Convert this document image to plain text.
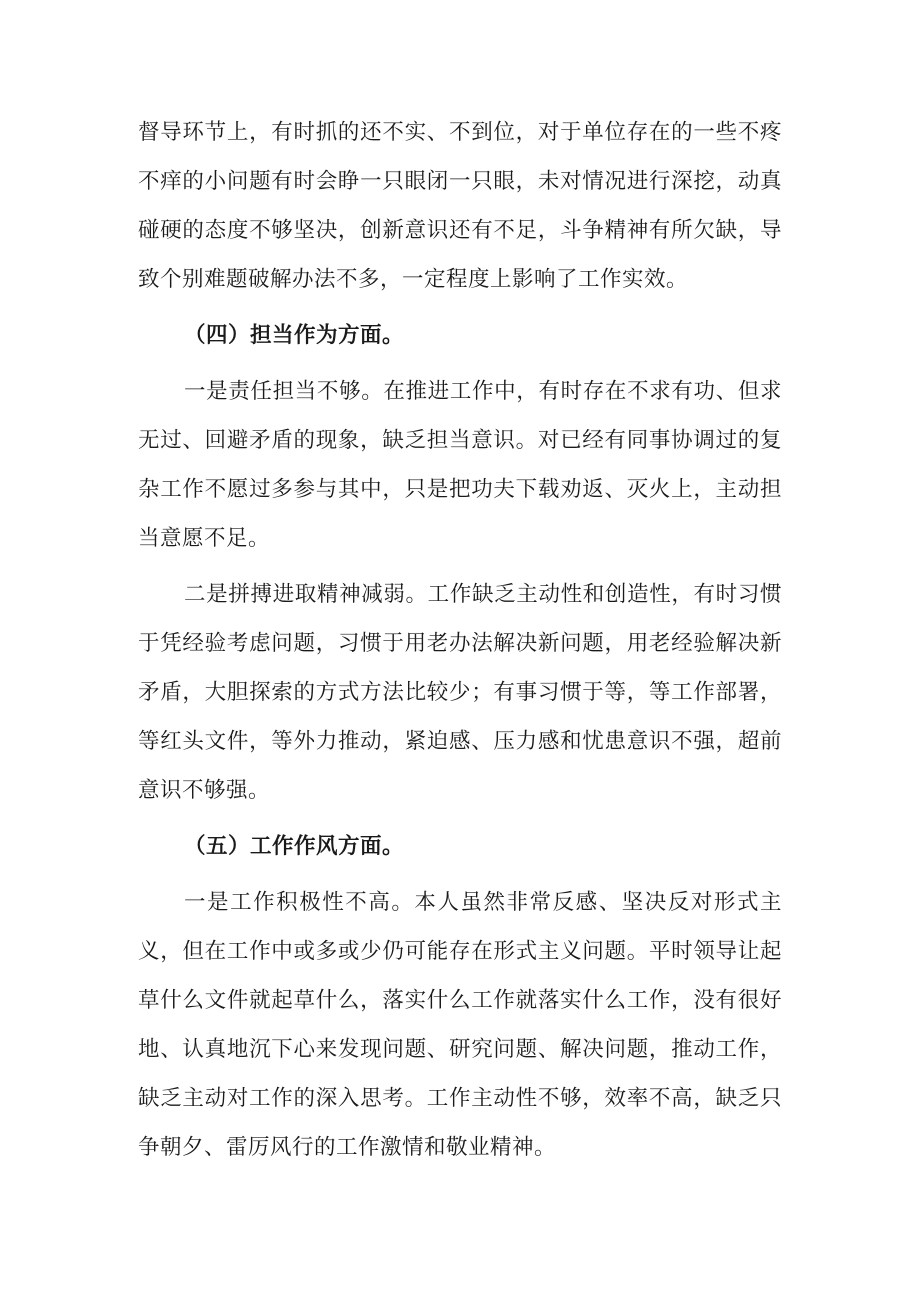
督导环节上，有时抓的还不实、不到位，对于单位存在的一些不疼不痒的小问题有时会睁一只眼闭一只眼，未对情况进行深挖，动真碰硬的态度不够坚决，创新意识还有不足，斗争精神有所欠缺，导致个别难题破解办法不多，一定程度上影响了工作实效。

（四）担当作为方面。

一是责任担当不够。在推进工作中，有时存在不求有功、但求无过、回避矛盾的现象，缺乏担当意识。对已经有同事协调过的复杂工作不愿过多参与其中，只是把功夫下载劝返、灭火上，主动担当意愿不足。

二是拼搏进取精神减弱。工作缺乏主动性和创造性，有时习惯于凭经验考虑问题，习惯于用老办法解决新问题，用老经验解决新矛盾，大胆探索的方式方法比较少；有事习惯于等，等工作部署，等红头文件，等外力推动，紧迫感、压力感和忧患意识不强，超前意识不够强。

（五）工作作风方面。

一是工作积极性不高。本人虽然非常反感、坚决反对形式主义，但在工作中或多或少仍可能存在形式主义问题。平时领导让起草什么文件就起草什么，落实什么工作就落实什么工作，没有很好地、认真地沉下心来发现问题、研究问题、解决问题，推动工作，缺乏主动对工作的深入思考。工作主动性不够，效率不高，缺乏只争朝夕、雷厉风行的工作激情和敬业精神。
